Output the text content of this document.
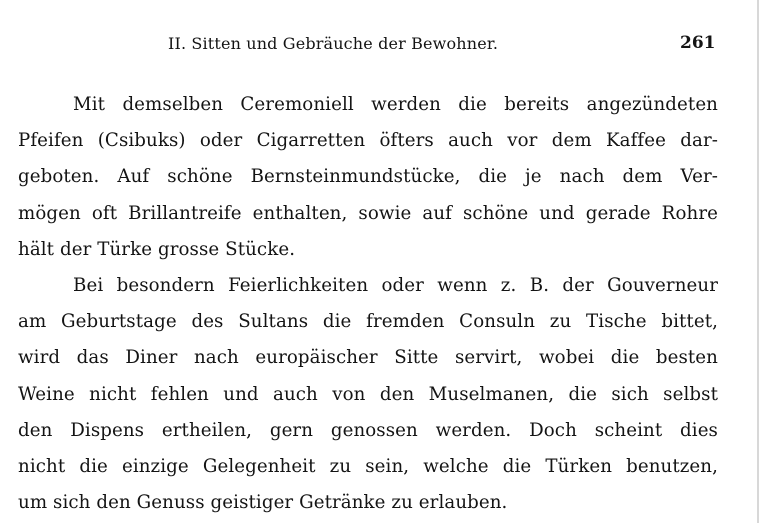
II. Sitten und Gebräuche der Bewohner.	261
Mit demselben Ceremoniell werden die bereits angezündeten
Pfeifen (Csibuks) oder Cigarretten öfters auch vor dem Kaffee dar-
geboten. Auf schöne Bernsteinmundstücke, die je nach dem Ver-
mögen oft Brillantreife enthalten, sowie auf schöne und gerade Rohre
hält der Türke grosse Stücke.
Bei besondern Feierlichkeiten oder wenn z. B. der Gouverneur
am Geburtstage des Sultans die fremden Consuln zu Tische bittet,
wird das Diner nach europäischer Sitte servirt, wobei die besten
Weine nicht fehlen und auch von den Muselmanen, die sich selbst
den Dispens ertheilen, gern genossen werden. Doch scheint dies
nicht die einzige Gelegenheit zu sein, welche die Türken benutzen,
um sich den Genuss geistiger Getränke zu erlauben.
